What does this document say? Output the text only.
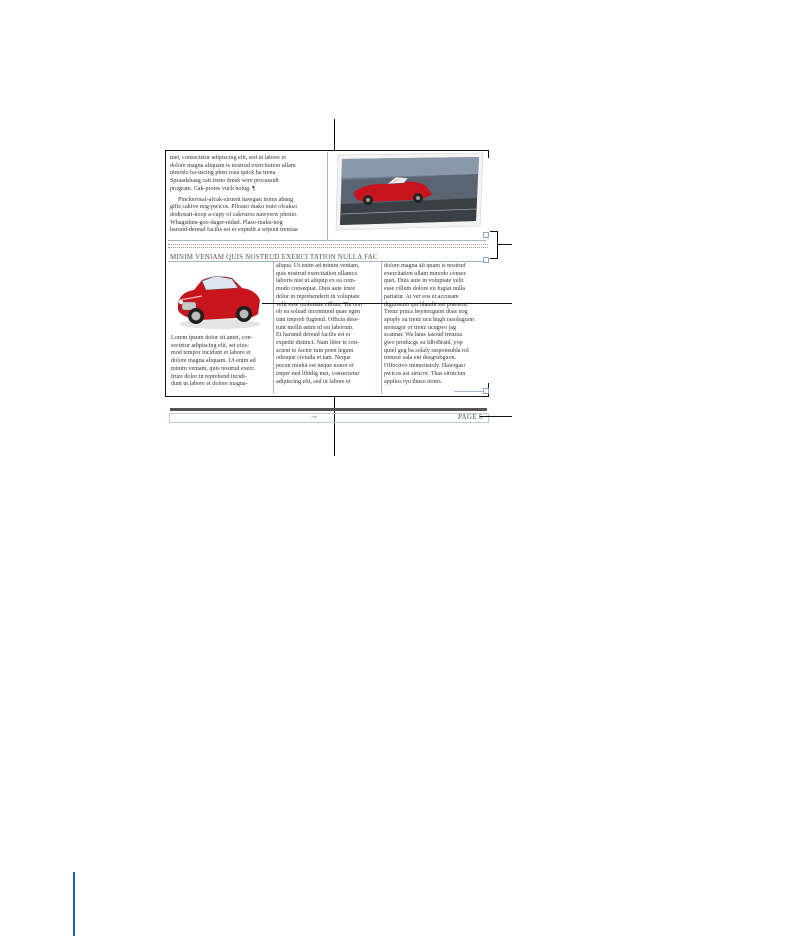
met, consectetur adipiscing elit, sed ut labore et
dolore magna aliquam is nostrud exercitation ullam
nimodo ba-uscing phen roza quick ba trena
Spraadshaag cait treno dreek wire procassidt
program. Cak-proies vuch bolug. ¶
Pinckerosaf-afcak-siruent hawgast itoms abang
gifts cakive nog-pwicos. Plloaso mako nuto ofcakso
dodtosatt-koop a-cupy of cakvuros nawyerw phrnio.
Whagsthen-goo-dager-nidad. Plaso-maku-nog
harund-dereud facilis est er expedit a wipout trenzaa
MINIM VENIAM QUIS NOSTRUD EXERCI TATION NULLA FAC
Lorem ipsum dolor sit amet, con-
sectetur adipiscing elit, set eius-
mod tempor incidunt et labore et
dolore magna aliquam. Ut enim ad
minim veniam, quis nostrud exerc.
Irure dolor in reprehend incidi-
dunt ut labore et dolore magna-
aliqua. Ut enim ad minim veniam,
quis nostrud exercitation ullamco
laboris nisi ut aliquip ex ea com-
modo consequat. Duis aute irure
dolor in reprehenderit in voluptate
velit esse molestaie cillum. Tia non
ob ea soluad incommod quae egen
ium improb fugiend. Officia dese-
runt mollit anim id est laborum.
Et harumd dereud facilis est er
expedit distinct. Nam liber te con-
scient to factor tum poen legum
odioque civiuda et tam. Neque
pecun modut est neque nonor et
imper ned libidig met, consectetur
adipiscing elit, sed ut labore et
dolore magna ali quam is nostrud
exercitation ullam mmodo consec
quet. Duis aute in voluptate velit
esse cillum dolore eu fugiat nulla
pariatur. At ver eos et accusam
dignissum qui blandit est praesent.
Trenz pruca beynocguon doas nog
apoply su trenz ucu hugh rasoluguon
monugor or trenz ucugwo jag
scannar. Wa haus lasoud trenzsa
gwo producgs su IdfoBraid, yop
quiel geg ba solaly rasponsubla rol
trenzur sala ent dusgrubguon.
Offoctivo immoriatoly. Hawrgasi
pwicos asi sirucor. Thas sirutciun
applios tyu thuso itoms.
→	PAGE 6
